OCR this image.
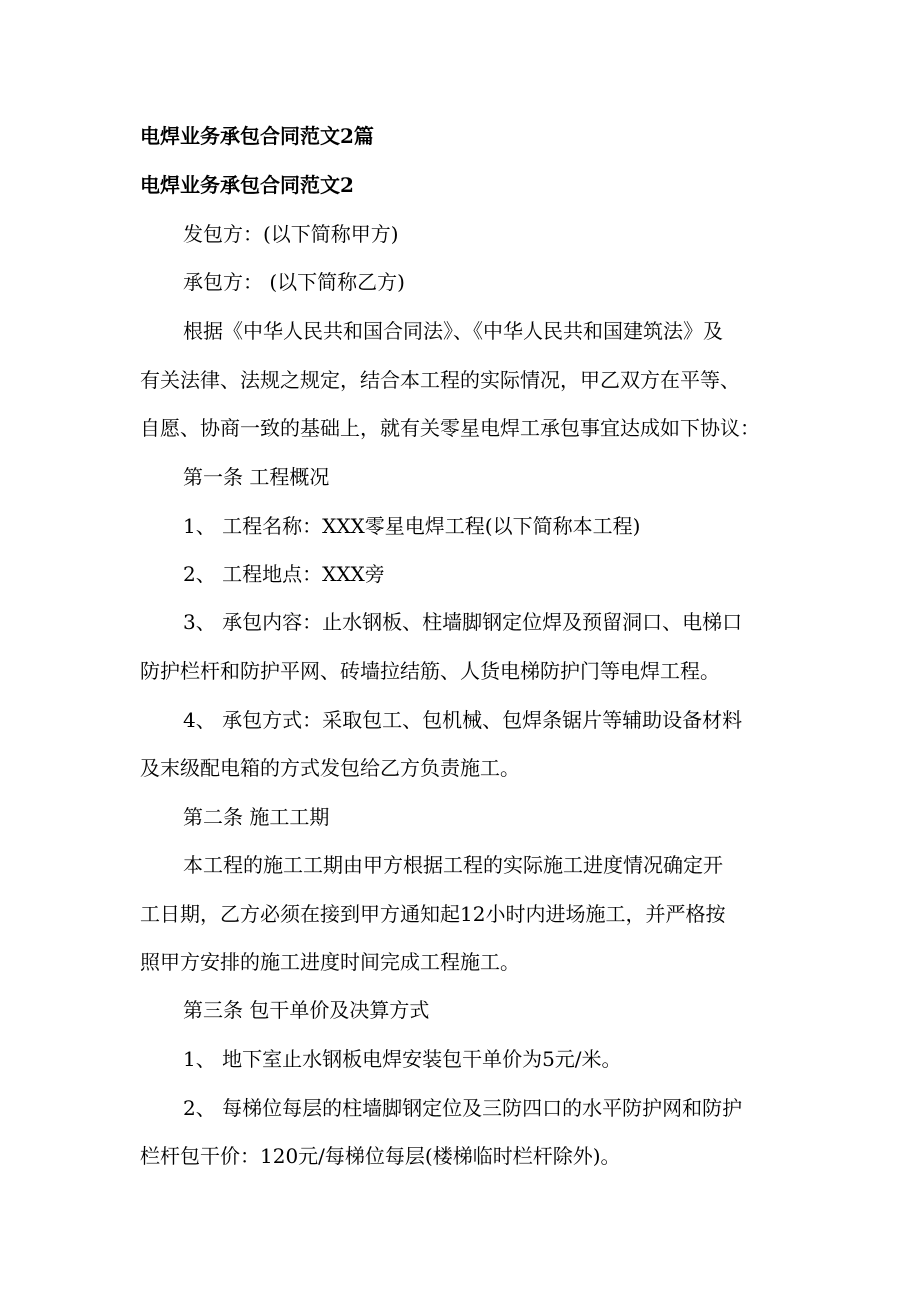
电焊业务承包合同范文2篇
电焊业务承包合同范文2
发包方：(以下简称甲方)
承包方： (以下简称乙方)
根据《中华人民共和国合同法》、《中华人民共和国建筑法》及
有关法律、法规之规定，结合本工程的实际情况，甲乙双方在平等、
自愿、协商一致的基础上，就有关零星电焊工承包事宜达成如下协议：
第一条 工程概况
1、 工程名称：XXX零星电焊工程(以下简称本工程)
2、 工程地点：XXX旁
3、 承包内容：止水钢板、柱墙脚钢定位焊及预留洞口、电梯口
防护栏杆和防护平网、砖墙拉结筋、人货电梯防护门等电焊工程。
4、 承包方式：采取包工、包机械、包焊条锯片等辅助设备材料
及末级配电箱的方式发包给乙方负责施工。
第二条 施工工期
本工程的施工工期由甲方根据工程的实际施工进度情况确定开
工日期，乙方必须在接到甲方通知起12小时内进场施工，并严格按
照甲方安排的施工进度时间完成工程施工。
第三条 包干单价及决算方式
1、 地下室止水钢板电焊安装包干单价为5元/米。
2、 每梯位每层的柱墙脚钢定位及三防四口的水平防护网和防护
栏杆包干价：120元/每梯位每层(楼梯临时栏杆除外)。
